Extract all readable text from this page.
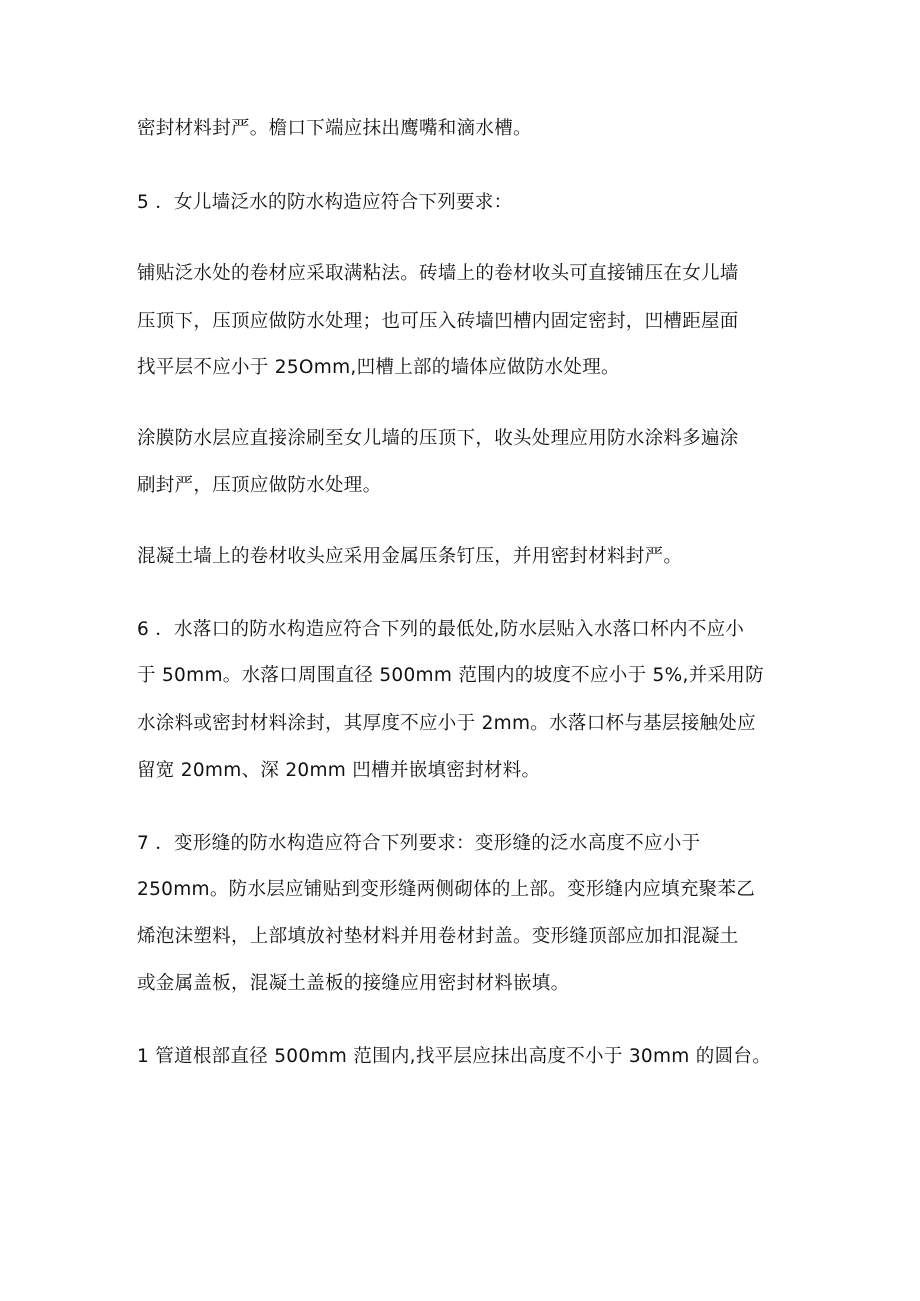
密封材料封严。檐口下端应抹出鹰嘴和滴水槽。
5 ．女儿墙泛水的防水构造应符合下列要求：
铺贴泛水处的卷材应采取满粘法。砖墙上的卷材收头可直接铺压在女儿墙
压顶下，压顶应做防水处理；也可压入砖墙凹槽内固定密封，凹槽距屋面
找平层不应小于 25Omm,凹槽上部的墙体应做防水处理。
涂膜防水层应直接涂刷至女儿墙的压顶下，收头处理应用防水涂料多遍涂
刷封严，压顶应做防水处理。
混凝土墙上的卷材收头应采用金属压条钉压，并用密封材料封严。
6 ．水落口的防水构造应符合下列的最低处,防水层贴入水落口杯内不应小
于 50mm。水落口周围直径 500mm 范围内的坡度不应小于 5%,并采用防
水涂料或密封材料涂封，其厚度不应小于 2mm。水落口杯与基层接触处应
留宽 20mm、深 20mm 凹槽并嵌填密封材料。
7 ．变形缝的防水构造应符合下列要求：变形缝的泛水高度不应小于
250mm。防水层应铺贴到变形缝两侧砌体的上部。变形缝内应填充聚苯乙
烯泡沫塑料，上部填放衬垫材料并用卷材封盖。变形缝顶部应加扣混凝土
或金属盖板，混凝土盖板的接缝应用密封材料嵌填。
1 管道根部直径 500mm 范围内,找平层应抹出高度不小于 30mm 的圆台。
